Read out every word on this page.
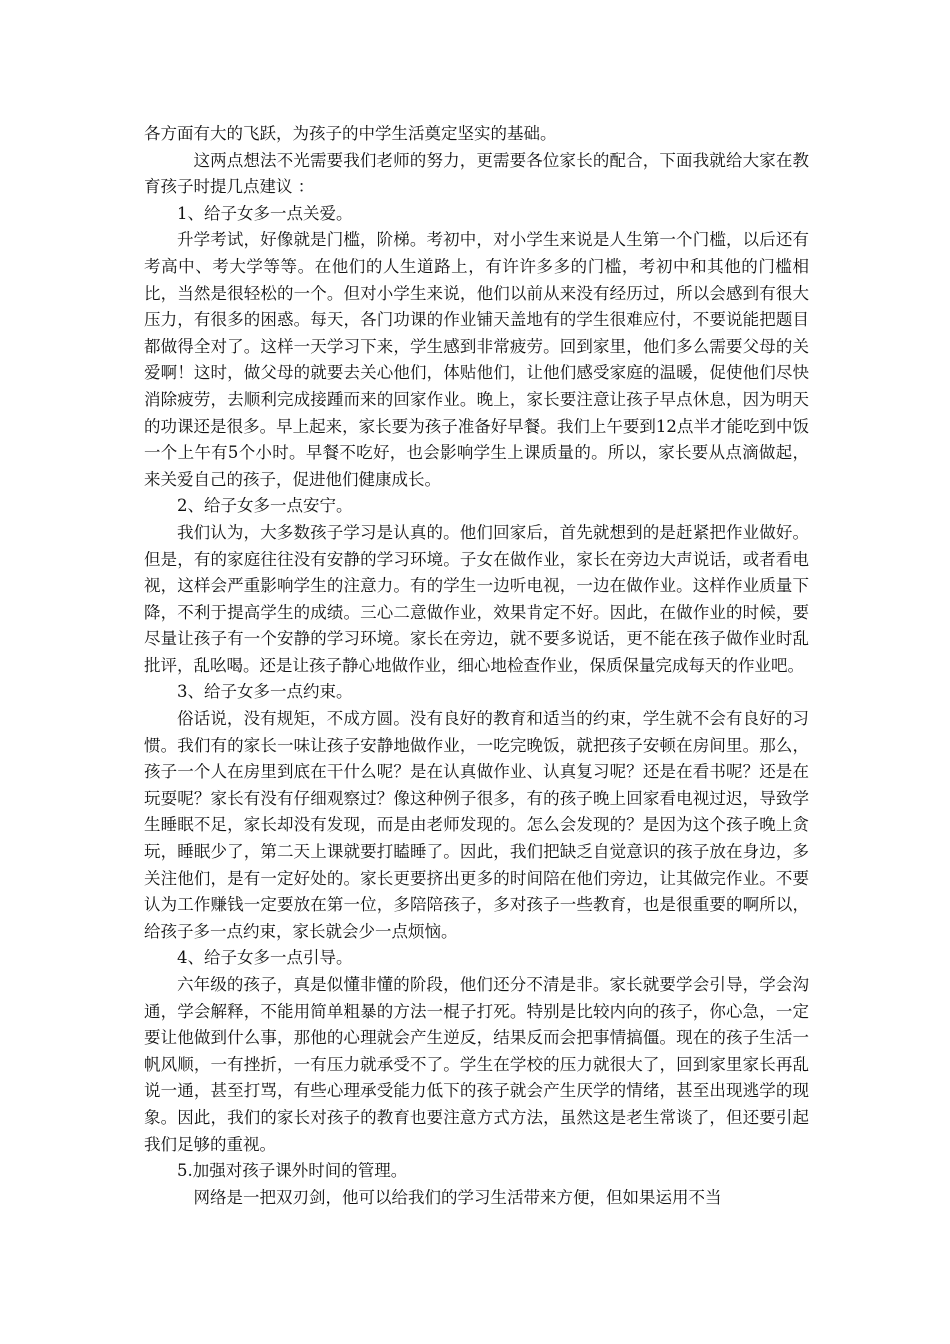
各方面有大的飞跃，为孩子的中学生活奠定坚实的基础。

这两点想法不光需要我们老师的努力，更需要各位家长的配合，下面我就给大家在教育孩子时提几点建议 ：

1、给子女多一点关爱。

升学考试，好像就是门槛，阶梯。考初中，对小学生来说是人生第一个门槛，以后还有考高中、考大学等等。在他们的人生道路上，有许许多多的门槛，考初中和其他的门槛相比，当然是很轻松的一个。但对小学生来说，他们以前从来没有经历过，所以会感到有很大压力，有很多的困惑。每天，各门功课的作业铺天盖地有的学生很难应付，不要说能把题目都做得全对了。这样一天学习下来，学生感到非常疲劳。回到家里，他们多么需要父母的关爱啊！这时，做父母的就要去关心他们，体贴他们，让他们感受家庭的温暖，促使他们尽快消除疲劳，去顺利完成接踵而来的回家作业。晚上，家长要注意让孩子早点休息，因为明天的功课还是很多。早上起来，家长要为孩子准备好早餐。我们上午要到12点半才能吃到中饭一个上午有5个小时。早餐不吃好，也会影响学生上课质量的。所以，家长要从点滴做起，来关爱自己的孩子，促进他们健康成长。

2、给子女多一点安宁。

我们认为，大多数孩子学习是认真的。他们回家后，首先就想到的是赶紧把作业做好。但是，有的家庭往往没有安静的学习环境。子女在做作业，家长在旁边大声说话，或者看电视，这样会严重影响学生的注意力。有的学生一边听电视，一边在做作业。这样作业质量下降，不利于提高学生的成绩。三心二意做作业，效果肯定不好。因此，在做作业的时候，要尽量让孩子有一个安静的学习环境。家长在旁边，就不要多说话，更不能在孩子做作业时乱批评，乱吆喝。还是让孩子静心地做作业，细心地检查作业，保质保量完成每天的作业吧。

3、给子女多一点约束。

俗话说，没有规矩，不成方圆。没有良好的教育和适当的约束，学生就不会有良好的习惯。我们有的家长一味让孩子安静地做作业，一吃完晚饭，就把孩子安顿在房间里。那么，孩子一个人在房里到底在干什么呢？是在认真做作业、认真复习呢？还是在看书呢？还是在玩耍呢？家长有没有仔细观察过？像这种例子很多，有的孩子晚上回家看电视过迟，导致学生睡眠不足，家长却没有发现，而是由老师发现的。怎么会发现的？是因为这个孩子晚上贪玩，睡眠少了，第二天上课就要打瞌睡了。因此，我们把缺乏自觉意识的孩子放在身边，多关注他们，是有一定好处的。家长更要挤出更多的时间陪在他们旁边，让其做完作业。不要认为工作赚钱一定要放在第一位，多陪陪孩子，多对孩子一些教育，也是很重要的啊所以，给孩子多一点约束，家长就会少一点烦恼。

4、给子女多一点引导。

六年级的孩子，真是似懂非懂的阶段，他们还分不清是非。家长就要学会引导，学会沟通，学会解释，不能用简单粗暴的方法一棍子打死。特别是比较内向的孩子，你心急，一定要让他做到什么事，那他的心理就会产生逆反，结果反而会把事情搞僵。现在的孩子生活一帆风顺，一有挫折，一有压力就承受不了。学生在学校的压力就很大了，回到家里家长再乱说一通，甚至打骂，有些心理承受能力低下的孩子就会产生厌学的情绪，甚至出现逃学的现象。因此，我们的家长对孩子的教育也要注意方式方法，虽然这是老生常谈了，但还要引起我们足够的重视。

5.加强对孩子课外时间的管理。

网络是一把双刃剑，他可以给我们的学习生活带来方便，但如果运用不当
